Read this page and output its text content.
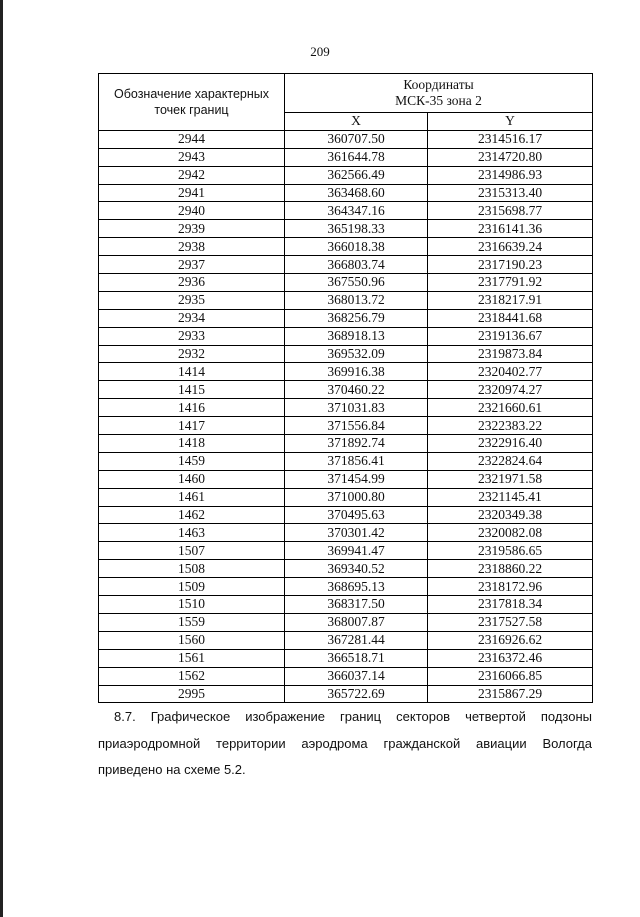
209
Обозначение характерных точек границ	Координаты
МСК-35 зона 2	

	X	Y
2944	360707.50	2314516.17
2943	361644.78	2314720.80
2942	362566.49	2314986.93
2941	363468.60	2315313.40
2940	364347.16	2315698.77
2939	365198.33	2316141.36
2938	366018.38	2316639.24
2937	366803.74	2317190.23
2936	367550.96	2317791.92
2935	368013.72	2318217.91
2934	368256.79	2318441.68
2933	368918.13	2319136.67
2932	369532.09	2319873.84
1414	369916.38	2320402.77
1415	370460.22	2320974.27
1416	371031.83	2321660.61
1417	371556.84	2322383.22
1418	371892.74	2322916.40
1459	371856.41	2322824.64
1460	371454.99	2321971.58
1461	371000.80	2321145.41
1462	370495.63	2320349.38
1463	370301.42	2320082.08
1507	369941.47	2319586.65
1508	369340.52	2318860.22
1509	368695.13	2318172.96
1510	368317.50	2317818.34
1559	368007.87	2317527.58
1560	367281.44	2316926.62
1561	366518.71	2316372.46
1562	366037.14	2316066.85
2995	365722.69	2315867.29
8.7. Графическое изображение границ секторов четвертой подзоны приаэродромной территории аэродрома гражданской авиации Вологда приведено на схеме 5.2.
